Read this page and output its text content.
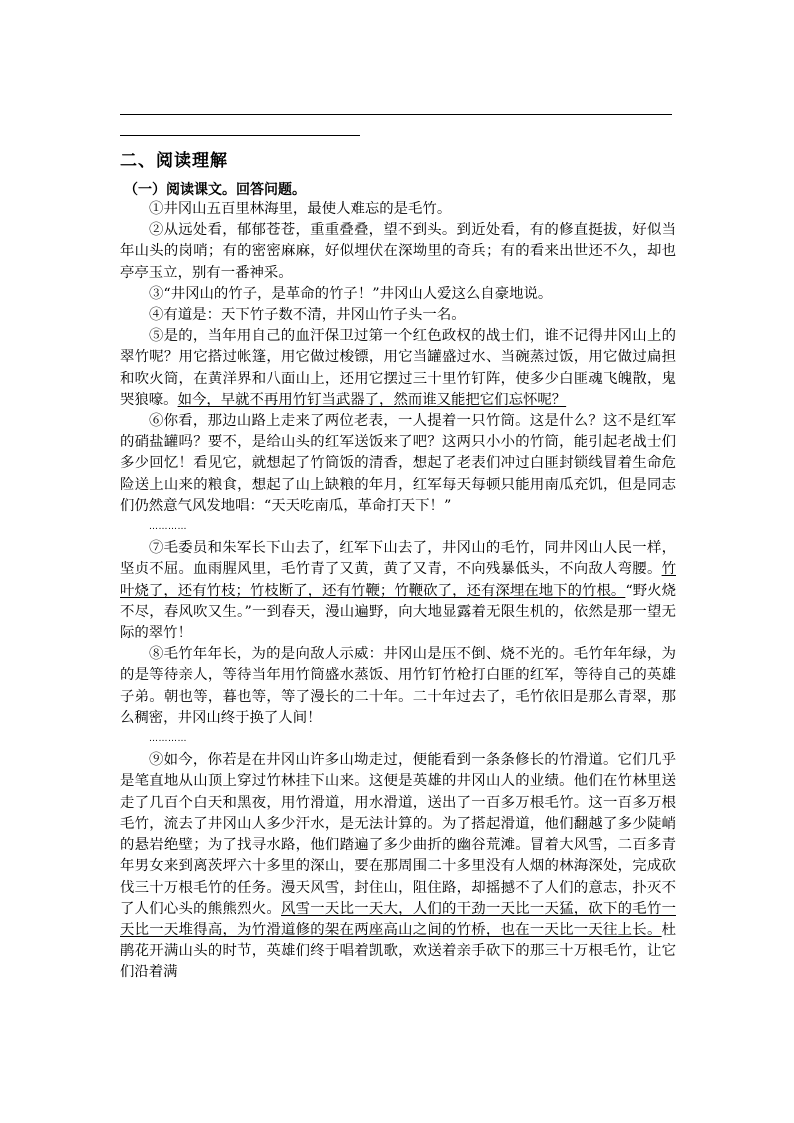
二、阅读理解
（一）阅读课文。回答问题。

①井冈山五百里林海里，最使人难忘的是毛竹。

②从远处看，郁郁苍苍，重重叠叠，望不到头。到近处看，有的修直挺拔，好似当年山头的岗哨；有的密密麻麻，好似埋伏在深坳里的奇兵；有的看来出世还不久，却也亭亭玉立，别有一番神采。

③“井冈山的竹子，是革命的竹子！”井冈山人爱这么自豪地说。

④有道是：天下竹子数不清，井冈山竹子头一名。

⑤是的，当年用自己的血汗保卫过第一个红色政权的战士们，谁不记得井冈山上的翠竹呢？用它搭过帐篷，用它做过梭镖，用它当罐盛过水、当碗蒸过饭，用它做过扁担和吹火筒，在黄洋界和八面山上，还用它摆过三十里竹钉阵，使多少白匪魂飞魄散，鬼哭狼嚎。如今，早就不再用竹钉当武器了，然而谁又能把它们忘怀呢？

⑥你看，那边山路上走来了两位老表，一人提着一只竹筒。这是什么？这不是红军的硝盐罐吗？要不，是给山头的红军送饭来了吧？这两只小小的竹筒，能引起老战士们多少回忆！看见它，就想起了竹筒饭的清香，想起了老表们冲过白匪封锁线冒着生命危险送上山来的粮食，想起了山上缺粮的年月，红军每天每顿只能用南瓜充饥，但是同志们仍然意气风发地唱：“天天吃南瓜，革命打天下！”

…………

⑦毛委员和朱军长下山去了，红军下山去了，井冈山的毛竹，同井冈山人民一样，坚贞不屈。血雨腥风里，毛竹青了又黄，黄了又青，不向残暴低头，不向敌人弯腰。竹叶烧了，还有竹枝；竹枝断了，还有竹鞭；竹鞭砍了，还有深埋在地下的竹根。“野火烧不尽，春风吹又生。”一到春天，漫山遍野，向大地显露着无限生机的，依然是那一望无际的翠竹！

⑧毛竹年年长，为的是向敌人示威：井冈山是压不倒、烧不光的。毛竹年年绿，为的是等待亲人，等待当年用竹筒盛水蒸饭、用竹钉竹枪打白匪的红军，等待自己的英雄子弟。朝也等，暮也等，等了漫长的二十年。二十年过去了，毛竹依旧是那么青翠，那么稠密，井冈山终于换了人间！

…………

⑨如今，你若是在井冈山许多山坳走过，便能看到一条条修长的竹滑道。它们几乎是笔直地从山顶上穿过竹林挂下山来。这便是英雄的井冈山人的业绩。他们在竹林里送走了几百个白天和黑夜，用竹滑道，用水滑道，送出了一百多万根毛竹。这一百多万根毛竹，流去了井冈山人多少汗水，是无法计算的。为了搭起滑道，他们翻越了多少陡峭的悬岩绝壁；为了找寻水路，他们踏遍了多少曲折的幽谷荒滩。冒着大风雪，二百多青年男女来到离茨坪六十多里的深山，要在那周围二十多里没有人烟的林海深处，完成砍伐三十万根毛竹的任务。漫天风雪，封住山，阻住路，却摇撼不了人们的意志，扑灭不了人们心头的熊熊烈火。风雪一天比一天大，人们的干劲一天比一天猛，砍下的毛竹一天比一天堆得高，为竹滑道修的架在两座高山之间的竹桥，也在一天比一天往上长。杜鹃花开满山头的时节，英雄们终于唱着凯歌，欢送着亲手砍下的那三十万根毛竹，让它们沿着满
